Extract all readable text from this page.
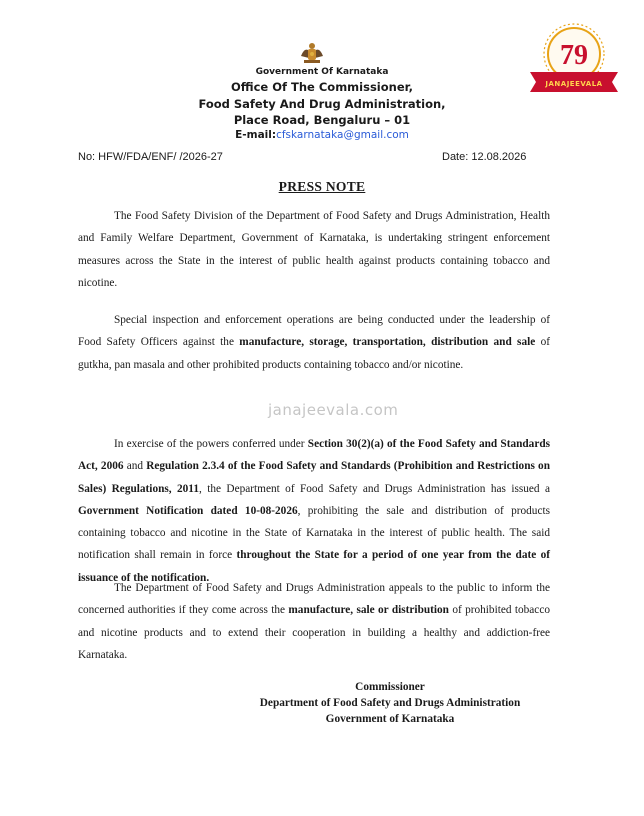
Government Of Karnataka
Office Of The Commissioner,
Food Safety And Drug Administration,
Place Road, Bengaluru – 01
E-mail:cfskarnataka@gmail.com
No: HFW/FDA/ENF/ /2026-27	Date: 12.08.2026
PRESS NOTE

The Food Safety Division of the Department of Food Safety and Drugs Administration, Health and Family Welfare Department, Government of Karnataka, is undertaking stringent enforcement measures across the State in the interest of public health against products containing tobacco and nicotine.

Special inspection and enforcement operations are being conducted under the leadership of Food Safety Officers against the manufacture, storage, transportation, distribution and sale of gutkha, pan masala and other prohibited products containing tobacco and/or nicotine.

In exercise of the powers conferred under Section 30(2)(a) of the Food Safety and Standards Act, 2006 and Regulation 2.3.4 of the Food Safety and Standards (Prohibition and Restrictions on Sales) Regulations, 2011, the Department of Food Safety and Drugs Administration has issued a Government Notification dated 10-08-2026, prohibiting the sale and distribution of products containing tobacco and nicotine in the State of Karnataka in the interest of public health. The said notification shall remain in force throughout the State for a period of one year from the date of issuance of the notification.

The Department of Food Safety and Drugs Administration appeals to the public to inform the concerned authorities if they come across the manufacture, sale or distribution of prohibited tobacco and nicotine products and to extend their cooperation in building a healthy and addiction-free Karnataka.

janajeevala.com
Commissioner
Department of Food Safety and Drugs Administration
Government of Karnataka
79
JANAJEEVALA
